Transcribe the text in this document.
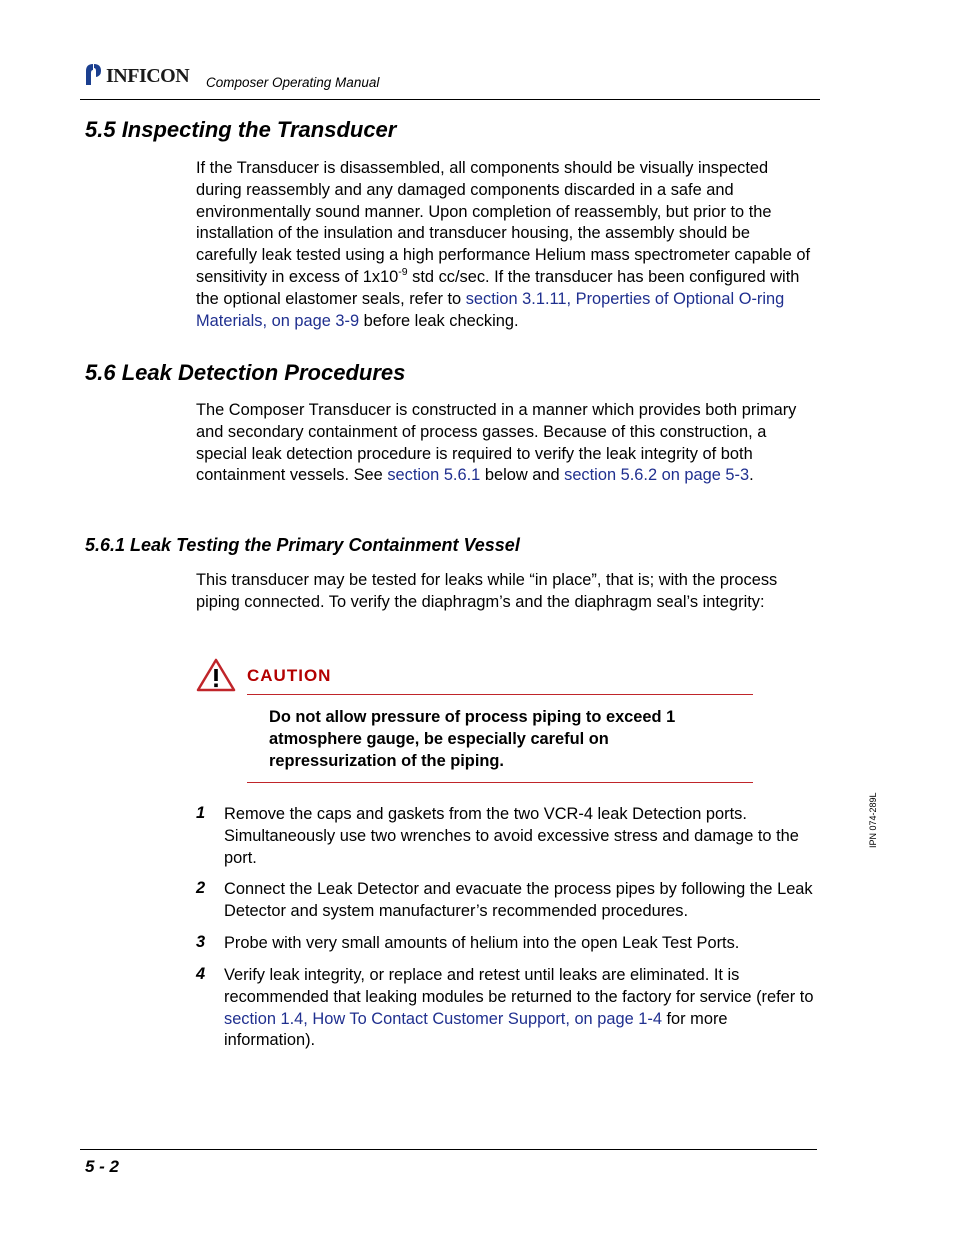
INFICON Composer Operating Manual
5.5 Inspecting the Transducer
If the Transducer is disassembled, all components should be visually inspected during reassembly and any damaged components discarded in a safe and environmentally sound manner. Upon completion of reassembly, but prior to the installation of the insulation and transducer housing, the assembly should be carefully leak tested using a high performance Helium mass spectrometer capable of sensitivity in excess of $1x10^{-9}$ std cc/sec. If the transducer has been configured with the optional elastomer seals, refer to section 3.1.11, Properties of Optional O-ring Materials, on page 3-9 before leak checking.
5.6 Leak Detection Procedures
The Composer Transducer is constructed in a manner which provides both primary and secondary containment of process gasses. Because of this construction, a special leak detection procedure is required to verify the leak integrity of both containment vessels. See section 5.6.1 below and section 5.6.2 on page 5-3.
5.6.1 Leak Testing the Primary Containment Vessel
This transducer may be tested for leaks while “in place”, that is; with the process piping connected. To verify the diaphragm’s and the diaphragm seal’s integrity:
CAUTION
Do not allow pressure of process piping to exceed 1 atmosphere gauge, be especially careful on repressurization of the piping.
1 Remove the caps and gaskets from the two VCR-4 leak Detection ports. Simultaneously use two wrenches to avoid excessive stress and damage to the port.
2 Connect the Leak Detector and evacuate the process pipes by following the Leak Detector and system manufacturer’s recommended procedures.
3 Probe with very small amounts of helium into the open Leak Test Ports.
4 Verify leak integrity, or replace and retest until leaks are eliminated. It is recommended that leaking modules be returned to the factory for service (refer to section 1.4, How To Contact Customer Support, on page 1-4 for more information).
IPN 074-289L
5 - 2
